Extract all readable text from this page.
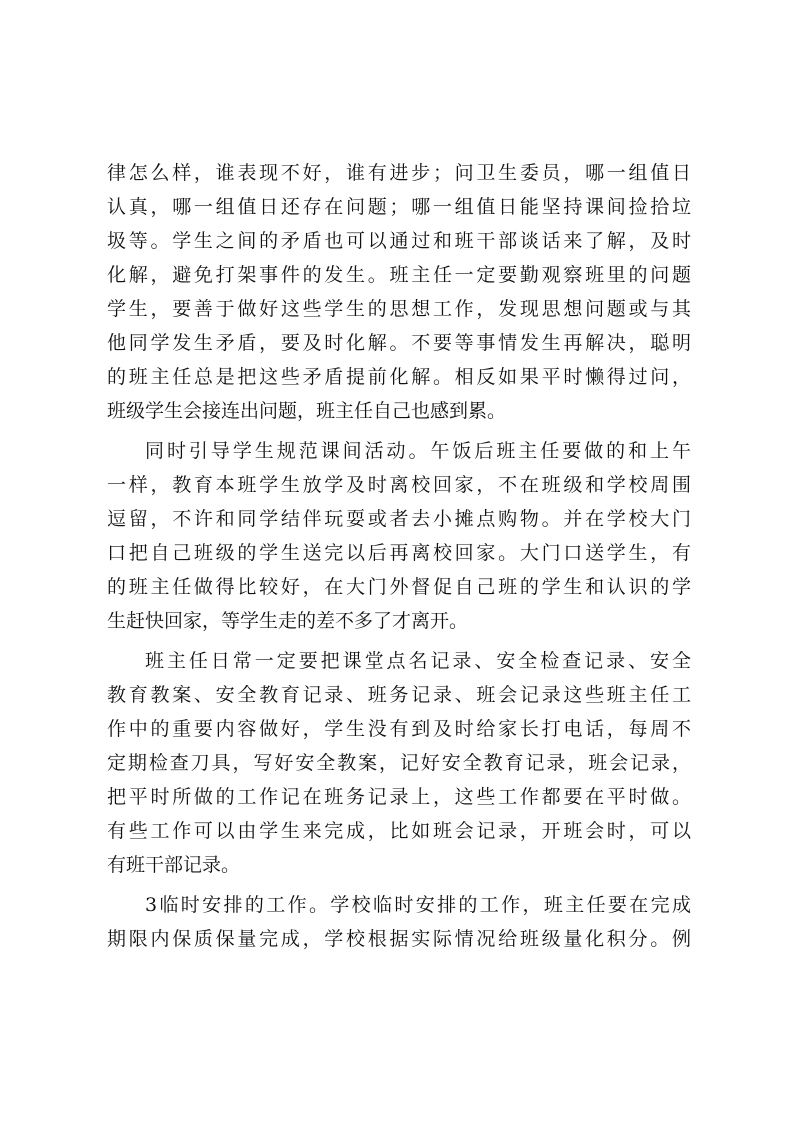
律怎么样，谁表现不好，谁有进步；问卫生委员，哪一组值日
认真，哪一组值日还存在问题；哪一组值日能坚持课间捡拾垃
圾等。学生之间的矛盾也可以通过和班干部谈话来了解，及时
化解，避免打架事件的发生。班主任一定要勤观察班里的问题
学生，要善于做好这些学生的思想工作，发现思想问题或与其
他同学发生矛盾，要及时化解。不要等事情发生再解决，聪明
的班主任总是把这些矛盾提前化解。相反如果平时懒得过问，
班级学生会接连出问题，班主任自己也感到累。
同时引导学生规范课间活动。午饭后班主任要做的和上午
一样，教育本班学生放学及时离校回家，不在班级和学校周围
逗留，不许和同学结伴玩耍或者去小摊点购物。并在学校大门
口把自己班级的学生送完以后再离校回家。大门口送学生，有
的班主任做得比较好，在大门外督促自己班的学生和认识的学
生赶快回家，等学生走的差不多了才离开。
班主任日常一定要把课堂点名记录、安全检查记录、安全
教育教案、安全教育记录、班务记录、班会记录这些班主任工
作中的重要内容做好，学生没有到及时给家长打电话，每周不
定期检查刀具，写好安全教案，记好安全教育记录，班会记录，
把平时所做的工作记在班务记录上，这些工作都要在平时做。
有些工作可以由学生来完成，比如班会记录，开班会时，可以
有班干部记录。
3临时安排的工作。学校临时安排的工作，班主任要在完成
期限内保质保量完成，学校根据实际情况给班级量化积分。例
